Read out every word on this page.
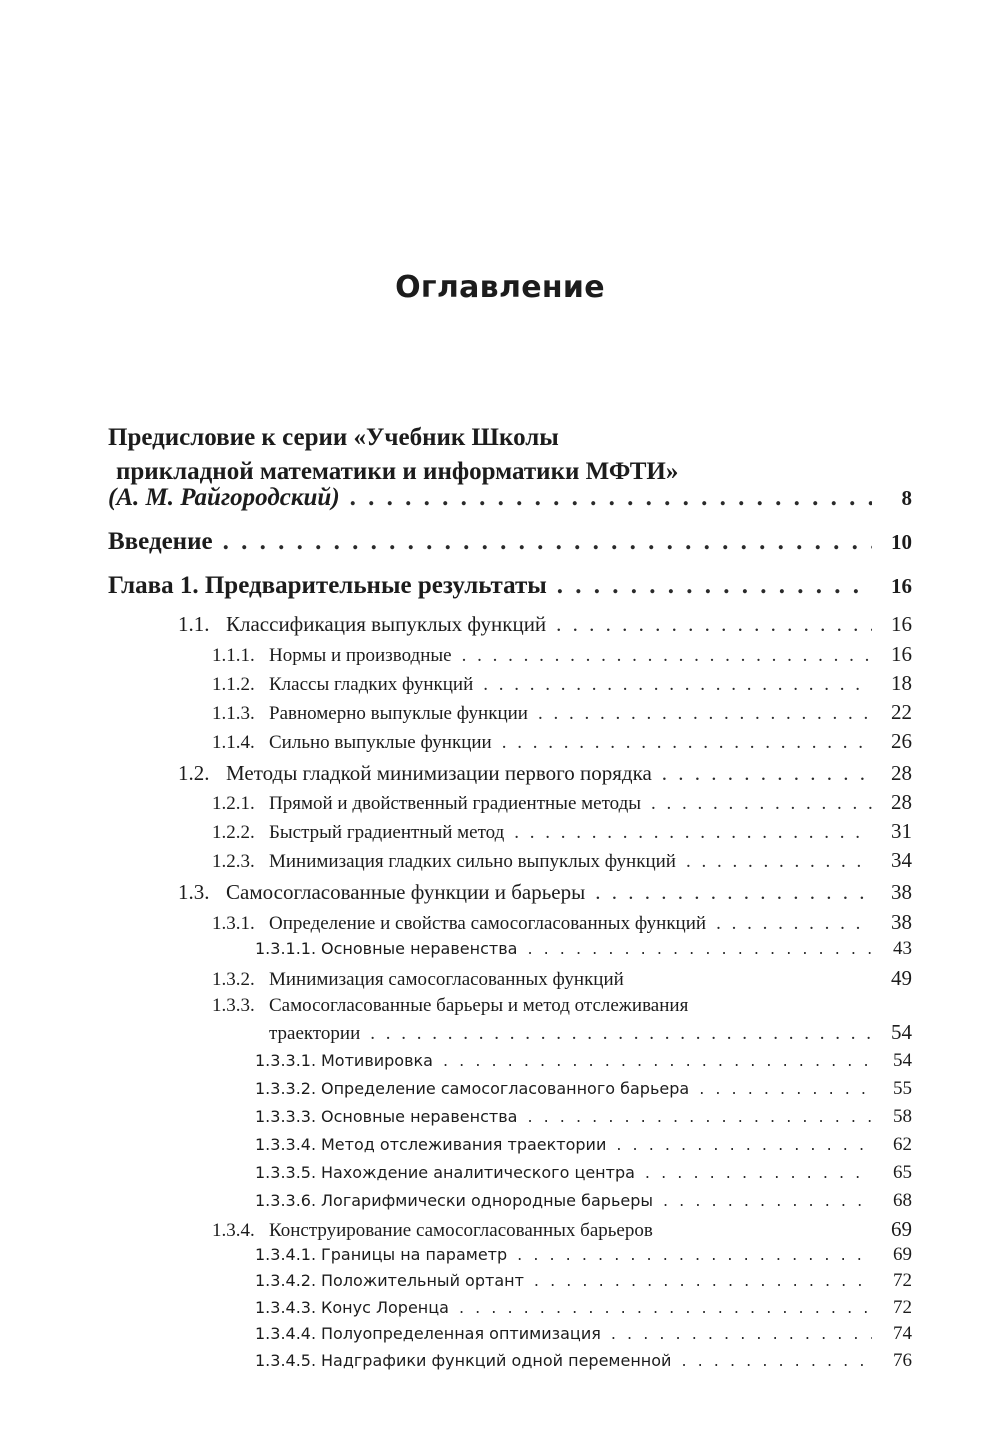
Оглавление
Предисловие к серии «Учебник Школы
прикладной математики и информатики МФТИ»
(А. М. Райгородский) . . .	8
Введение . . .	10
Глава 1. Предварительные результаты . . .	16
1.1. Классификация выпуклых функций . . .	16
1.1.1. Нормы и производные . . .	16
1.1.2. Классы гладких функций . . .	18
1.1.3. Равномерно выпуклые функции . . .	22
1.1.4. Сильно выпуклые функции . . .	26
1.2. Методы гладкой минимизации первого порядка . . .	28
1.2.1. Прямой и двойственный градиентные методы . . .	28
1.2.2. Быстрый градиентный метод . . .	31
1.2.3. Минимизация гладких сильно выпуклых функций . . .	34
1.3. Самосогласованные функции и барьеры . . .	38
1.3.1. Определение и свойства самосогласованных функций . . .	38
1.3.1.1. Основные неравенства . . .	43
1.3.2. Минимизация самосогласованных функций	49
1.3.3. Самосогласованные барьеры и метод отслеживания
траектории . . .	54
1.3.3.1. Мотивировка . . .	54
1.3.3.2. Определение самосогласованного барьера . . .	55
1.3.3.3. Основные неравенства . . .	58
1.3.3.4. Метод отслеживания траектории . . .	62
1.3.3.5. Нахождение аналитического центра . . .	65
1.3.3.6. Логарифмически однородные барьеры . . .	68
1.3.4. Конструирование самосогласованных барьеров	69
1.3.4.1. Границы на параметр . . .	69
1.3.4.2. Положительный ортант . . .	72
1.3.4.3. Конус Лоренца . . .	72
1.3.4.4. Полуопределенная оптимизация . . .	74
1.3.4.5. Надграфики функций одной переменной . . .	76
